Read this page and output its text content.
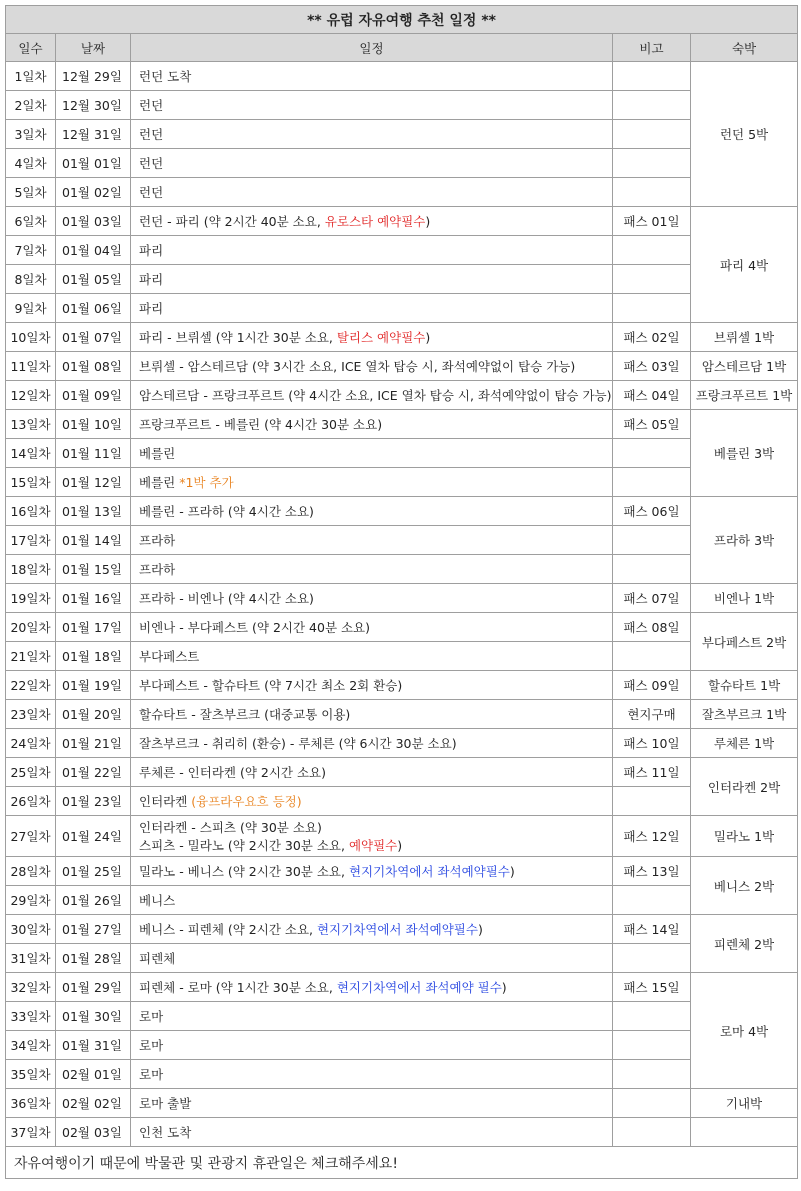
** 유럽 자유여행 추천 일정 **				
일수	날짜	일정	비고	숙박
1일차	12월 29일	런던 도착		런던 5박
2일차	12월 30일	런던		
3일차	12월 31일	런던		
4일차	01월 01일	런던		
5일차	01월 02일	런던		
6일차	01월 03일	런던 - 파리 (약 2시간 40분 소요, 유로스타 예약필수)	패스 01일	파리 4박
7일차	01월 04일	파리		
8일차	01월 05일	파리		
9일차	01월 06일	파리		
10일차	01월 07일	파리 - 브뤼셀 (약 1시간 30분 소요, 탈리스 예약필수)	패스 02일	브뤼셀 1박
11일차	01월 08일	브뤼셀 - 암스테르담 (약 3시간 소요, ICE 열차 탑승 시, 좌석예약없이 탑승 가능)	패스 03일	암스테르담 1박
12일차	01월 09일	암스테르담 - 프랑크푸르트 (약 4시간 소요, ICE 열차 탑승 시, 좌석예약없이 탑승 가능)	패스 04일	프랑크푸르트 1박
13일차	01월 10일	프랑크푸르트 - 베를린 (약 4시간 30분 소요)	패스 05일	베를린 3박
14일차	01월 11일	베를린		
15일차	01월 12일	베를린 *1박 추가		
16일차	01월 13일	베를린 - 프라하 (약 4시간 소요)	패스 06일	프라하 3박
17일차	01월 14일	프라하		
18일차	01월 15일	프라하		
19일차	01월 16일	프라하 - 비엔나 (약 4시간 소요)	패스 07일	비엔나 1박
20일차	01월 17일	비엔나 - 부다페스트 (약 2시간 40분 소요)	패스 08일	부다페스트 2박
21일차	01월 18일	부다페스트		
22일차	01월 19일	부다페스트 - 할슈타트 (약 7시간 최소 2회 환승)	패스 09일	할슈타트 1박
23일차	01월 20일	할슈타트 - 잘츠부르크 (대중교통 이용)	현지구매	잘츠부르크 1박
24일차	01월 21일	잘츠부르크 - 취리히 (환승) - 루체른 (약 6시간 30분 소요)	패스 10일	루체른 1박
25일차	01월 22일	루체른 - 인터라켄 (약 2시간 소요)	패스 11일	인터라켄 2박
26일차	01월 23일	인터라켄 (융프라우요흐 등정)		
27일차	01월 24일	인터라켄 - 스피츠 (약 30분 소요)
스피츠 - 밀라노 (약 2시간 30분 소요, 예약필수)	패스 12일	밀라노 1박
28일차	01월 25일	밀라노 - 베니스 (약 2시간 30분 소요, 현지기차역에서 좌석예약필수)	패스 13일	베니스 2박
29일차	01월 26일	베니스		
30일차	01월 27일	베니스 - 피렌체 (약 2시간 소요, 현지기차역에서 좌석예약필수)	패스 14일	피렌체 2박
31일차	01월 28일	피렌체		
32일차	01월 29일	피렌체 - 로마 (약 1시간 30분 소요, 현지기차역에서 좌석예약 필수)	패스 15일	로마 4박
33일차	01월 30일	로마		
34일차	01월 31일	로마		
35일차	02월 01일	로마		
36일차	02월 02일	로마 출발		기내박
37일차	02월 03일	인천 도착		
자유여행이기 때문에 박물관 및 관광지 휴관일은 체크해주세요!				
